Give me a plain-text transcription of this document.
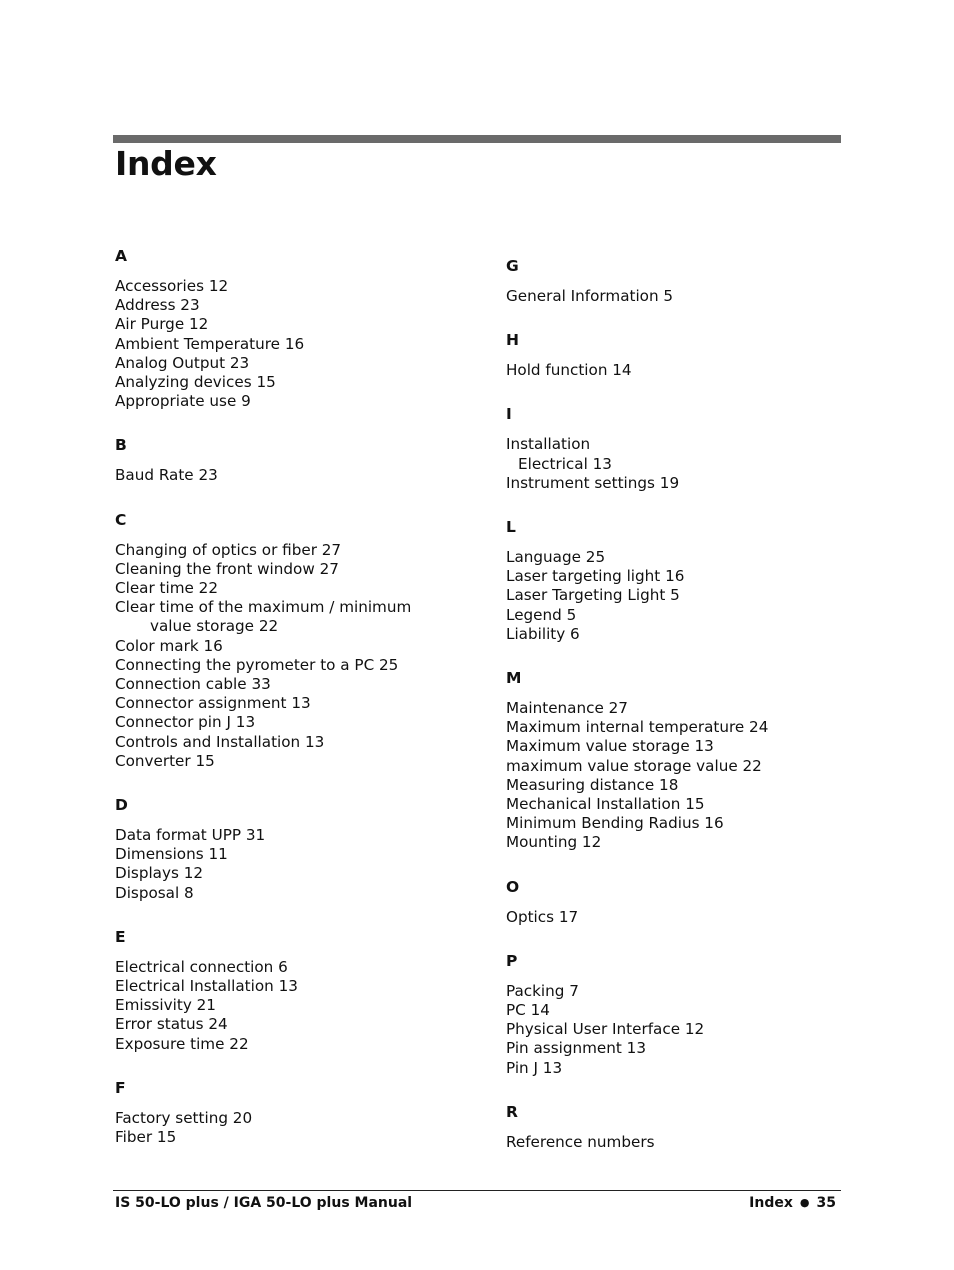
Index
A
Accessories 12
Address 23
Air Purge 12
Ambient Temperature 16
Analog Output 23
Analyzing devices 15
Appropriate use 9
B
Baud Rate 23
C
Changing of optics or fiber 27
Cleaning the front window 27
Clear time 22
Clear time of the maximum / minimum
value storage 22
Color mark 16
Connecting the pyrometer to a PC 25
Connection cable 33
Connector assignment 13
Connector pin J 13
Controls and Installation 13
Converter 15
D
Data format UPP 31
Dimensions 11
Displays 12
Disposal 8
E
Electrical connection 6
Electrical Installation 13
Emissivity 21
Error status 24
Exposure time 22
F
Factory setting 20
Fiber 15
G
General Information 5
H
Hold function 14
I
Installation
Electrical 13
Instrument settings 19
L
Language 25
Laser targeting light 16
Laser Targeting Light 5
Legend 5
Liability 6
M
Maintenance 27
Maximum internal temperature 24
Maximum value storage 13
maximum value storage value 22
Measuring distance 18
Mechanical Installation 15
Minimum Bending Radius 16
Mounting 12
O
Optics 17
P
Packing 7
PC 14
Physical User Interface 12
Pin assignment 13
Pin J 13
R
Reference numbers
IS 50-LO plus / IGA 50-LO plus Manual	Index ● 35
